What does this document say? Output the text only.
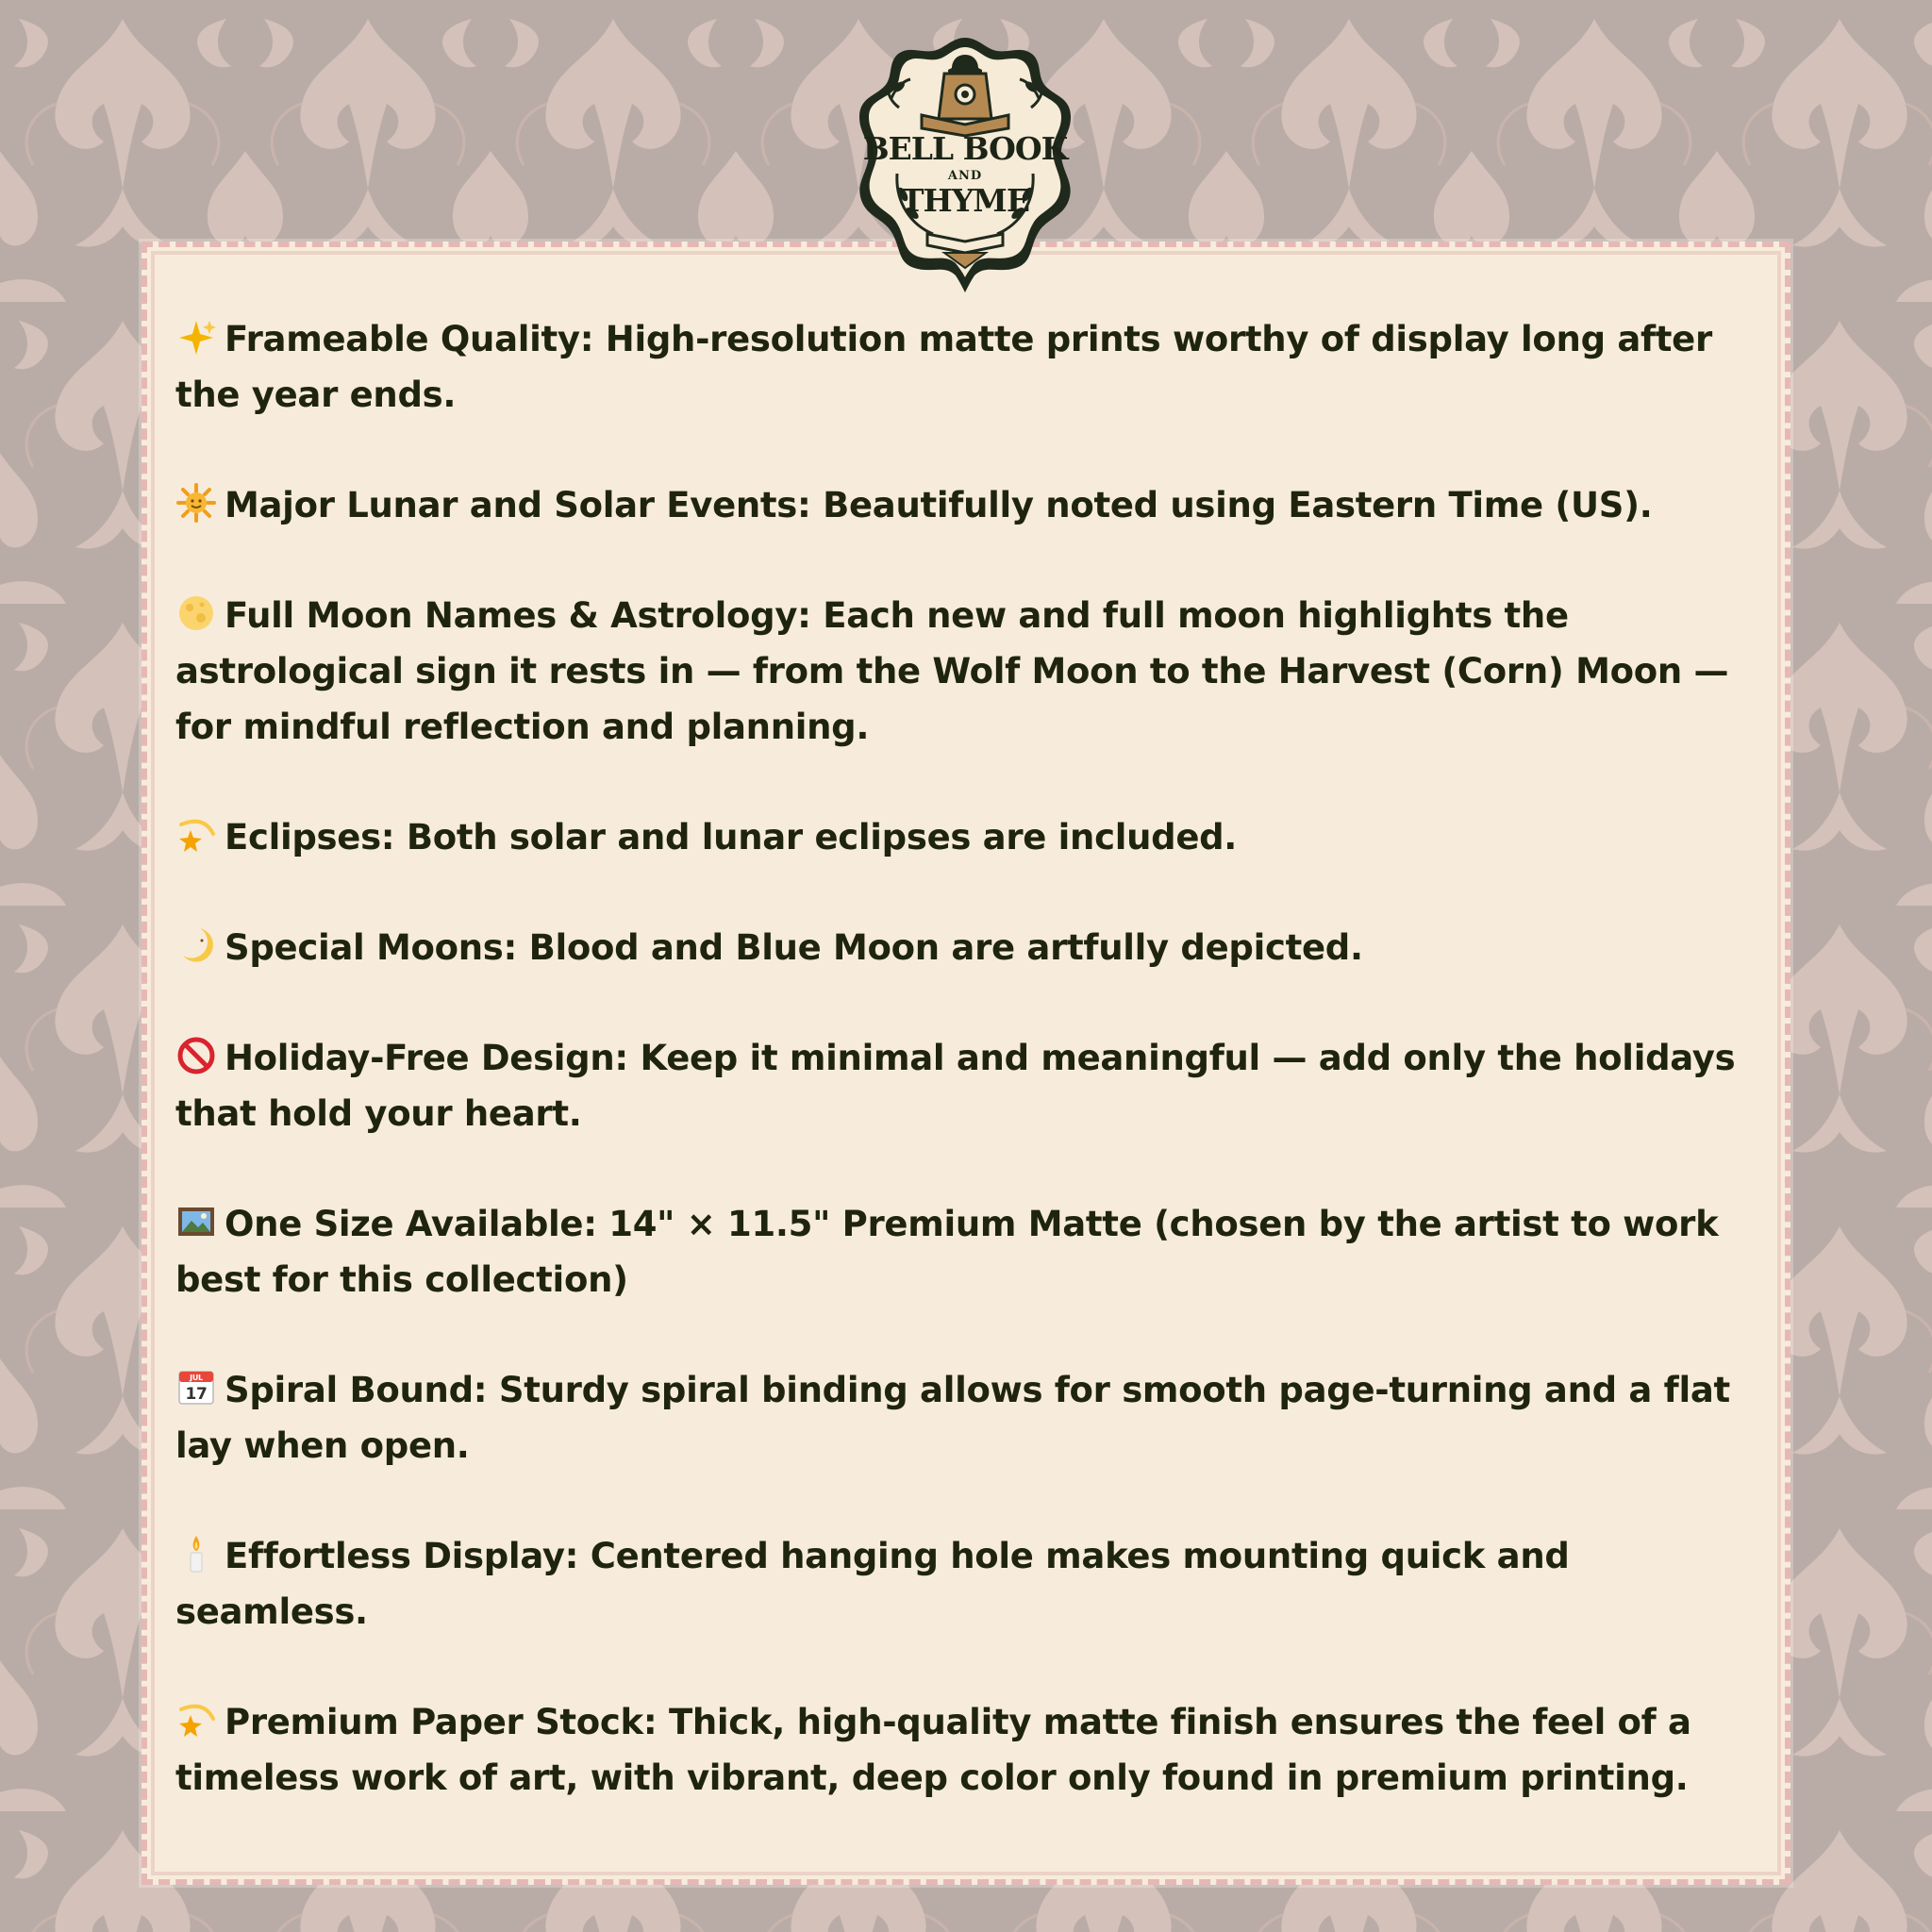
BELL BOOK
AND
THYME
Frameable Quality: High-resolution matte prints worthy of display long after the year ends.
Major Lunar and Solar Events: Beautifully noted using Eastern Time (US).
Full Moon Names & Astrology: Each new and full moon highlights the astrological sign it rests in — from the Wolf Moon to the Harvest (Corn) Moon — for mindful reflection and planning.
Eclipses: Both solar and lunar eclipses are included.
Special Moons: Blood and Blue Moon are artfully depicted.
Holiday-Free Design: Keep it minimal and meaningful — add only the holidays that hold your heart.
One Size Available: 14" × 11.5" Premium Matte (chosen by the artist to work best for this collection)
JUL
17 Spiral Bound: Sturdy spiral binding allows for smooth page-turning and a flat lay when open.
Effortless Display: Centered hanging hole makes mounting quick and seamless.
Premium Paper Stock: Thick, high-quality matte finish ensures the feel of a timeless work of art, with vibrant, deep color only found in premium printing.
